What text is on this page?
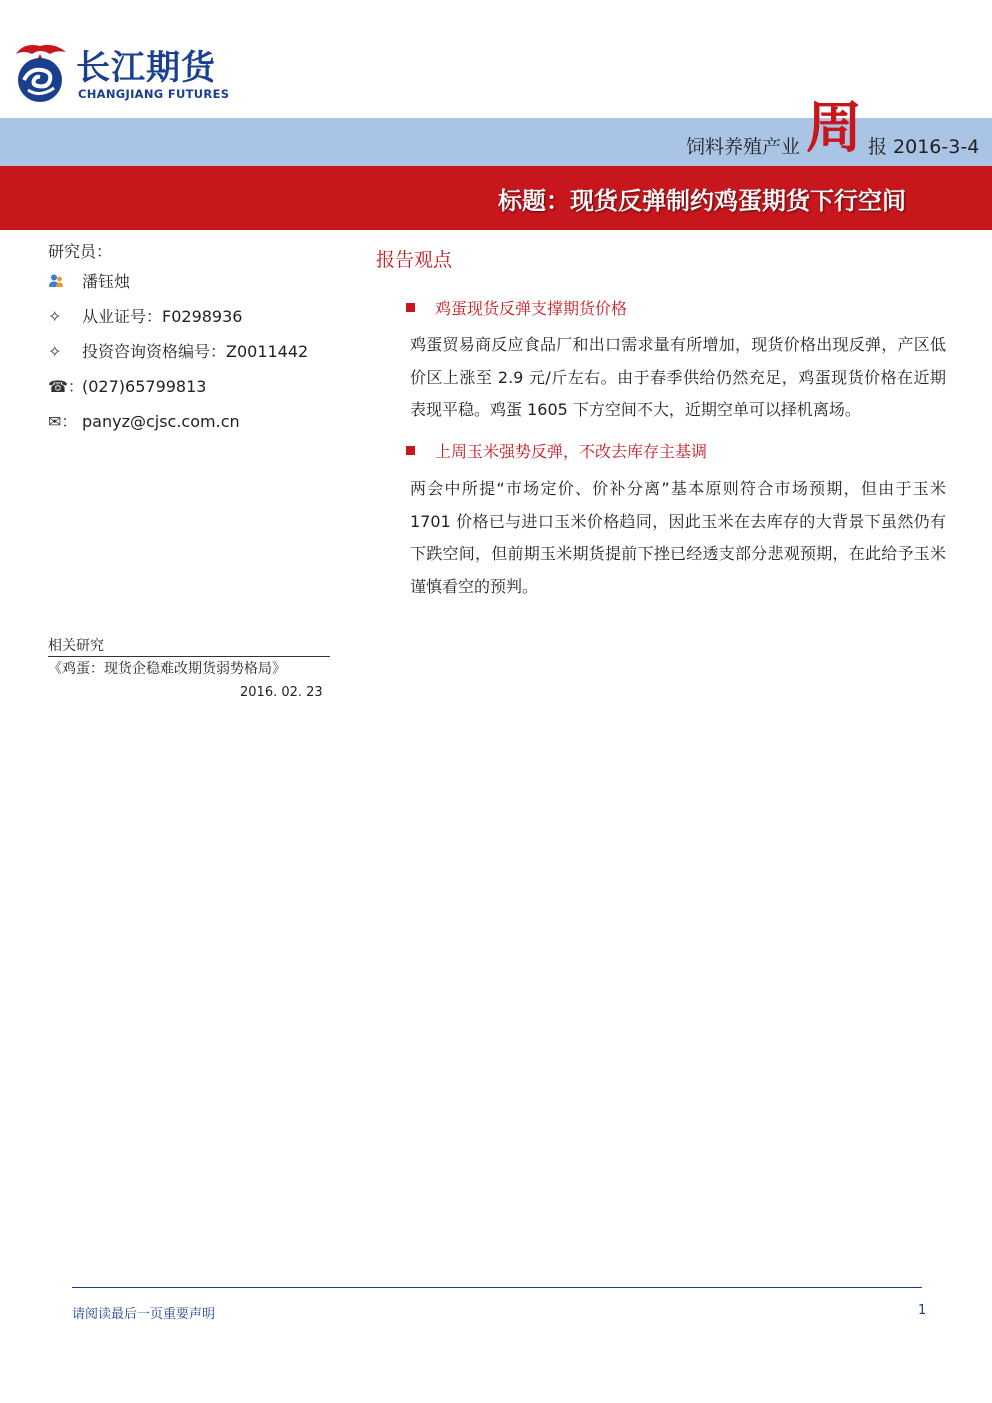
长江期货
CHANGJIANG FUTURES
饲料养殖产业 周 报 2016-3-4
标题：现货反弹制约鸡蛋期货下行空间
研究员：
潘钰烛
✧ 从业证号：F0298936
✧ 投资咨询资格编号：Z0011442
☎：(027)65799813
✉： panyz@cjsc.com.cn
相关研究
《鸡蛋：现货企稳难改期货弱势格局》
2016. 02. 23
报告观点
鸡蛋现货反弹支撑期货价格
鸡蛋贸易商反应食品厂和出口需求量有所增加，现货价格出现反弹，产区低价区上涨至 2.9 元/斤左右。由于春季供给仍然充足，鸡蛋现货价格在近期表现平稳。鸡蛋 1605 下方空间不大，近期空单可以择机离场。
上周玉米强势反弹，不改去库存主基调
两会中所提“市场定价、价补分离”基本原则符合市场预期，但由于玉米 1701 价格已与进口玉米价格趋同，因此玉米在去库存的大背景下虽然仍有下跌空间，但前期玉米期货提前下挫已经透支部分悲观预期，在此给予玉米谨慎看空的预判。
请阅读最后一页重要声明	1
